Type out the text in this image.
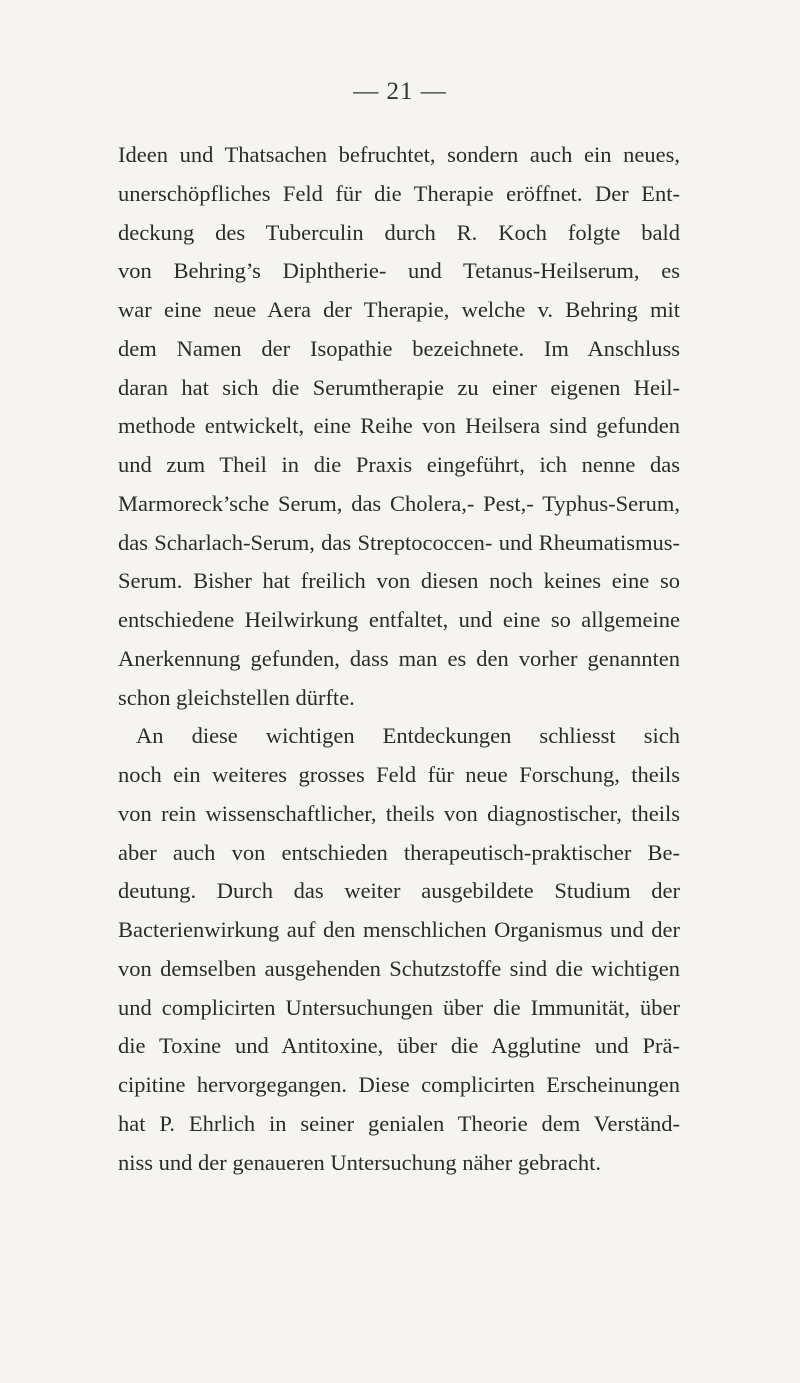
— 21 —
Ideen und Thatsachen befruchtet, sondern auch ein neues,
unerschöpfliches Feld für die Therapie eröffnet. Der Ent-
deckung des Tuberculin durch R. Koch folgte bald
von Behring’s Diphtherie- und Tetanus-Heilserum, es
war eine neue Aera der Therapie, welche v. Behring mit
dem Namen der Isopathie bezeichnete. Im Anschluss
daran hat sich die Serumtherapie zu einer eigenen Heil-
methode entwickelt, eine Reihe von Heilsera sind gefunden
und zum Theil in die Praxis eingeführt, ich nenne das
Marmoreck’sche Serum, das Cholera,- Pest,- Typhus-Serum,
das Scharlach-Serum, das Streptococcen- und Rheumatismus-
Serum. Bisher hat freilich von diesen noch keines eine so
entschiedene Heilwirkung entfaltet, und eine so allgemeine
Anerkennung gefunden, dass man es den vorher genannten
schon gleichstellen dürfte.
An diese wichtigen Entdeckungen schliesst sich
noch ein weiteres grosses Feld für neue Forschung, theils
von rein wissenschaftlicher, theils von diagnostischer, theils
aber auch von entschieden therapeutisch-praktischer Be-
deutung. Durch das weiter ausgebildete Studium der
Bacterienwirkung auf den menschlichen Organismus und der
von demselben ausgehenden Schutzstoffe sind die wichtigen
und complicirten Untersuchungen über die Immunität, über
die Toxine und Antitoxine, über die Agglutine und Prä-
cipitine hervorgegangen. Diese complicirten Erscheinungen
hat P. Ehrlich in seiner genialen Theorie dem Verständ-
niss und der genaueren Untersuchung näher gebracht.
